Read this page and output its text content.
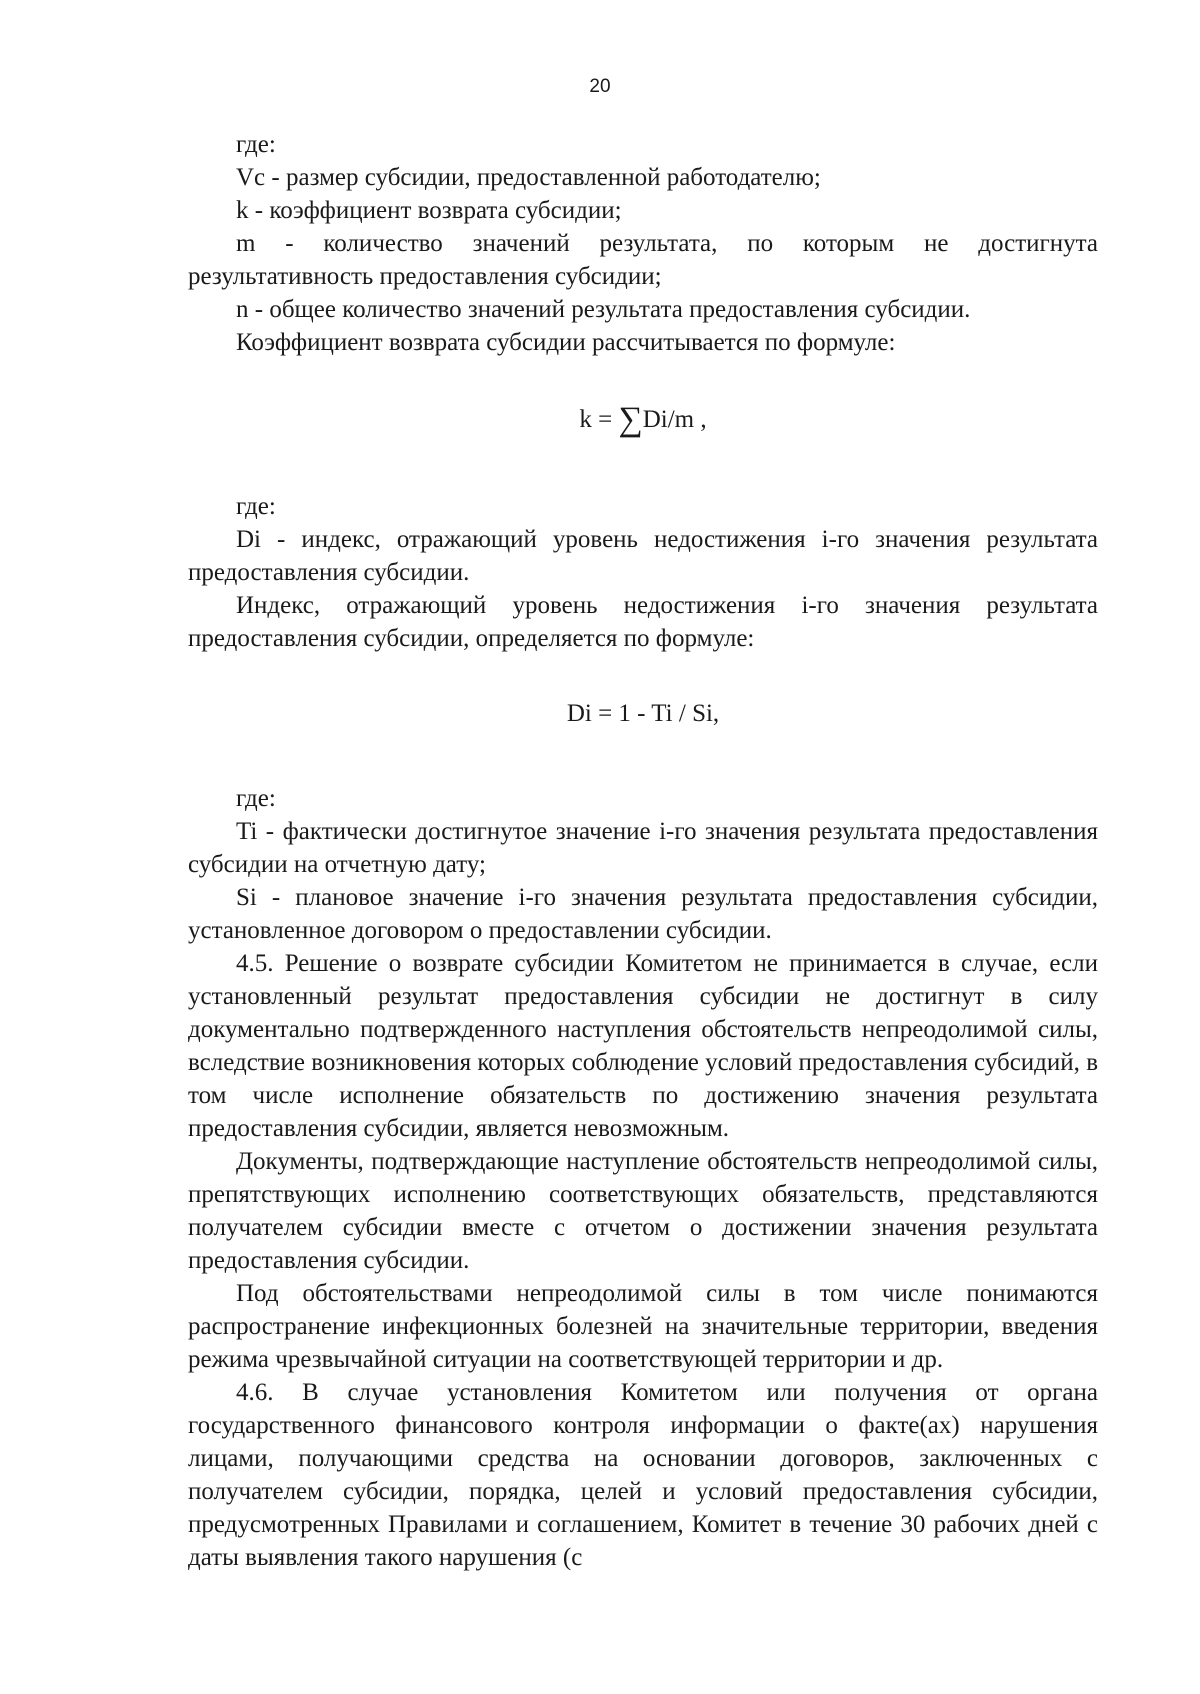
20

где:

Vc - размер субсидии, предоставленной работодателю;

k - коэффициент возврата субсидии;

m - количество значений результата, по которым не достигнута результативность предоставления субсидии;

n - общее количество значений результата предоставления субсидии.

Коэффициент возврата субсидии рассчитывается по формуле:

k = ∑Di/m ,

где:

Di - индекс, отражающий уровень недостижения i-го значения результата предоставления субсидии.

Индекс, отражающий уровень недостижения i-го значения результата предоставления субсидии, определяется по формуле:

Di = 1 - Ti / Si,

где:

Ti - фактически достигнутое значение i-го значения результата предоставления субсидии на отчетную дату;

Si - плановое значение i-го значения результата предоставления субсидии, установленное договором о предоставлении субсидии.

4.5. Решение о возврате субсидии Комитетом не принимается в случае, если установленный результат предоставления субсидии не достигнут в силу документально подтвержденного наступления обстоятельств непреодолимой силы, вследствие возникновения которых соблюдение условий предоставления субсидий, в том числе исполнение обязательств по достижению значения результата предоставления субсидии, является невозможным.

Документы, подтверждающие наступление обстоятельств непреодолимой силы, препятствующих исполнению соответствующих обязательств, представляются получателем субсидии вместе с отчетом о достижении значения результата предоставления субсидии.

Под обстоятельствами непреодолимой силы в том числе понимаются распространение инфекционных болезней на значительные территории, введения режима чрезвычайной ситуации на соответствующей территории и др.

4.6. В случае установления Комитетом или получения от органа государственного финансового контроля информации о факте(ах) нарушения лицами, получающими средства на основании договоров, заключенных с получателем субсидии, порядка, целей и условий предоставления субсидии, предусмотренных Правилами и соглашением, Комитет в течение 30 рабочих дней с даты выявления такого нарушения (с
